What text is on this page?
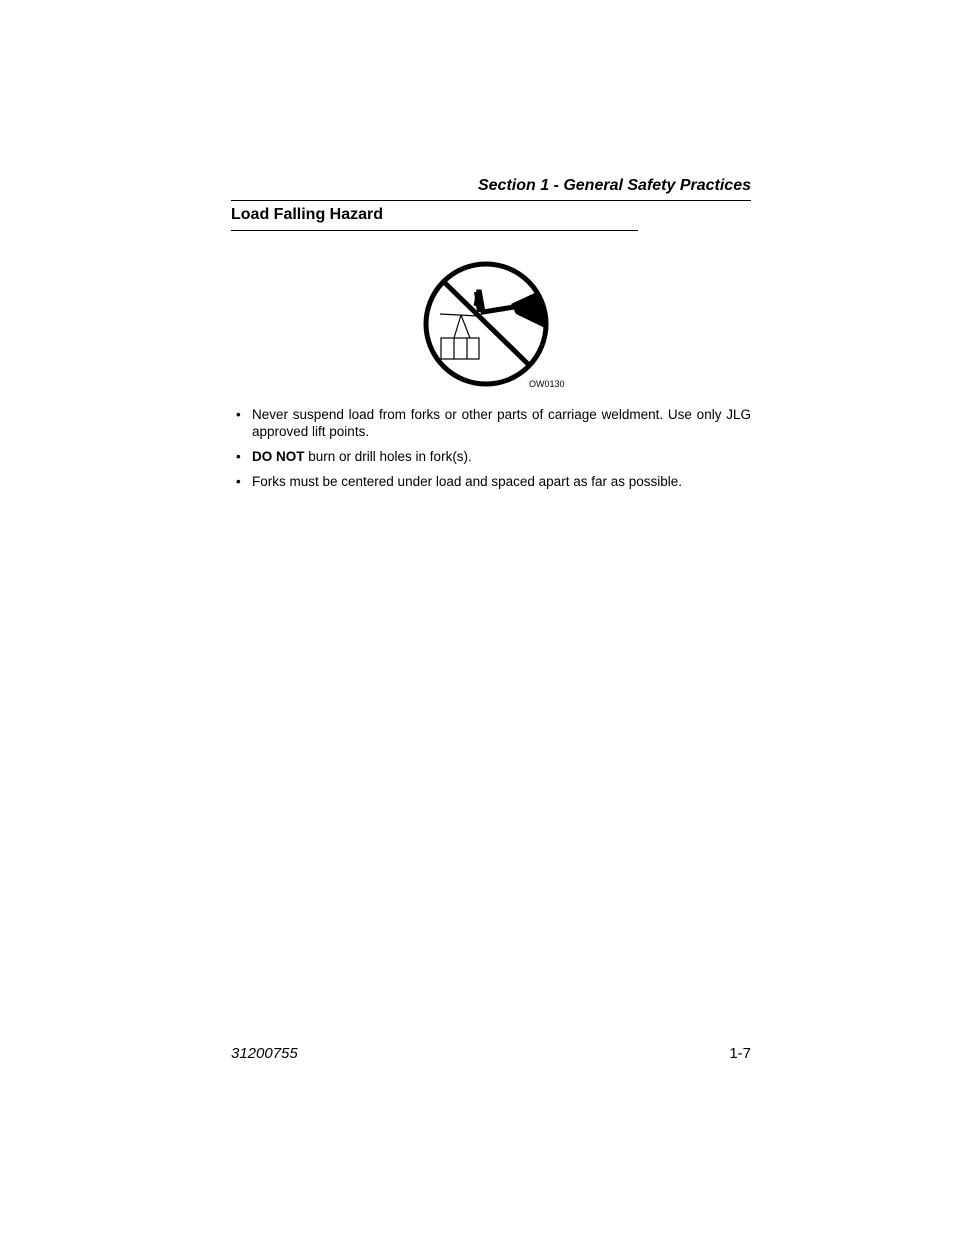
Section 1 - General Safety Practices
Load Falling Hazard
OW0130
• Never suspend load from forks or other parts of carriage weldment. Use only JLG approved lift points.
• DO NOT burn or drill holes in fork(s).
• Forks must be centered under load and spaced apart as far as possible.
31200755	1-7
